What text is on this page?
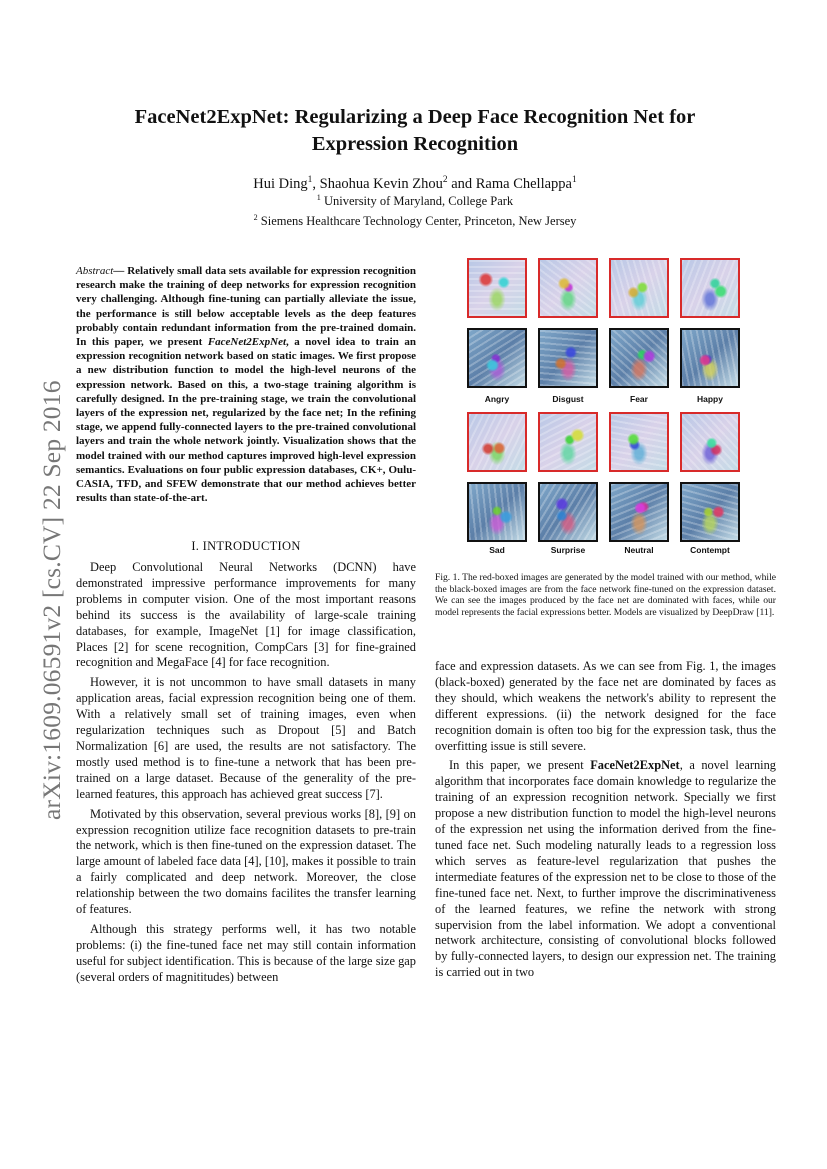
arXiv:1609.06591v2 [cs.CV] 22 Sep 2016
FaceNet2ExpNet: Regularizing a Deep Face Recognition Net for
Expression Recognition
Hui Ding$^1$, Shaohua Kevin Zhou$^2$ and Rama Chellappa$^1$
$^1$ University of Maryland, College Park
$^2$ Siemens Healthcare Technology Center, Princeton, New Jersey
Abstract— Relatively small data sets available for expression recognition research make the training of deep networks for expression recognition very challenging. Although fine-tuning can partially alleviate the issue, the performance is still below acceptable levels as the deep features probably contain redundant information from the pre-trained domain. In this paper, we present FaceNet2ExpNet, a novel idea to train an expression recognition network based on static images. We first propose a new distribution function to model the high-level neurons of the expression network. Based on this, a two-stage training algorithm is carefully designed. In the pre-training stage, we train the convolutional layers of the expression net, regularized by the face net; In the refining stage, we append fully-connected layers to the pre-trained convolutional layers and train the whole network jointly. Visualization shows that the model trained with our method captures improved high-level expression semantics. Evaluations on four public expression databases, CK+, Oulu-CASIA, TFD, and SFEW demonstrate that our method achieves better results than state-of-the-art.
I. INTRODUCTION

Deep Convolutional Neural Networks (DCNN) have demonstrated impressive performance improvements for many problems in computer vision. One of the most important reasons behind its success is the availability of large-scale training databases, for example, ImageNet [1] for image classification, Places [2] for scene recognition, CompCars [3] for fine-grained recognition and MegaFace [4] for face recognition.

However, it is not uncommon to have small datasets in many application areas, facial expression recognition being one of them. With a relatively small set of training images, even when regularization techniques such as Dropout [5] and Batch Normalization [6] are used, the results are not satisfactory. The mostly used method is to fine-tune a network that has been pre-trained on a large dataset. Because of the generality of the pre-learned features, this approach has achieved great success [7].

Motivated by this observation, several previous works [8], [9] on expression recognition utilize face recognition datasets to pre-train the network, which is then fine-tuned on the expression dataset. The large amount of labeled face data [4], [10], makes it possible to train a fairly complicated and deep network. Moreover, the close relationship between the two domains facilites the transfer learning of features.

Although this strategy performs well, it has two notable problems: (i) the fine-tuned face net may still contain information useful for subject identification. This is because of the large size gap (several orders of magnititudes) between

Angry	Disgust	Fear	Happy
Sad	Surprise	Neutral	Contempt
Fig. 1. The red-boxed images are generated by the model trained with our method, while the black-boxed images are from the face network fine-tuned on the expression dataset. We can see the images produced by the face net are dominated with faces, while our model represents the facial expressions better. Models are visualized by DeepDraw [11].

face and expression datasets. As we can see from Fig. 1, the images (black-boxed) generated by the face net are dominated by faces as they should, which weakens the network's ability to represent the different expressions. (ii) the network designed for the face recognition domain is often too big for the expression task, thus the overfitting issue is still severe.

In this paper, we present FaceNet2ExpNet, a novel learning algorithm that incorporates face domain knowledge to regularize the training of an expression recognition network. Specially we first propose a new distribution function to model the high-level neurons of the expression net using the information derived from the fine-tuned face net. Such modeling naturally leads to a regression loss which serves as feature-level regularization that pushes the intermediate features of the expression net to be close to those of the fine-tuned face net. Next, to further improve the discriminativeness of the learned features, we refine the network with strong supervision from the label information. We adopt a conventional network architecture, consisting of convolutional blocks followed by fully-connected layers, to design our expression net. The training is carried out in two
